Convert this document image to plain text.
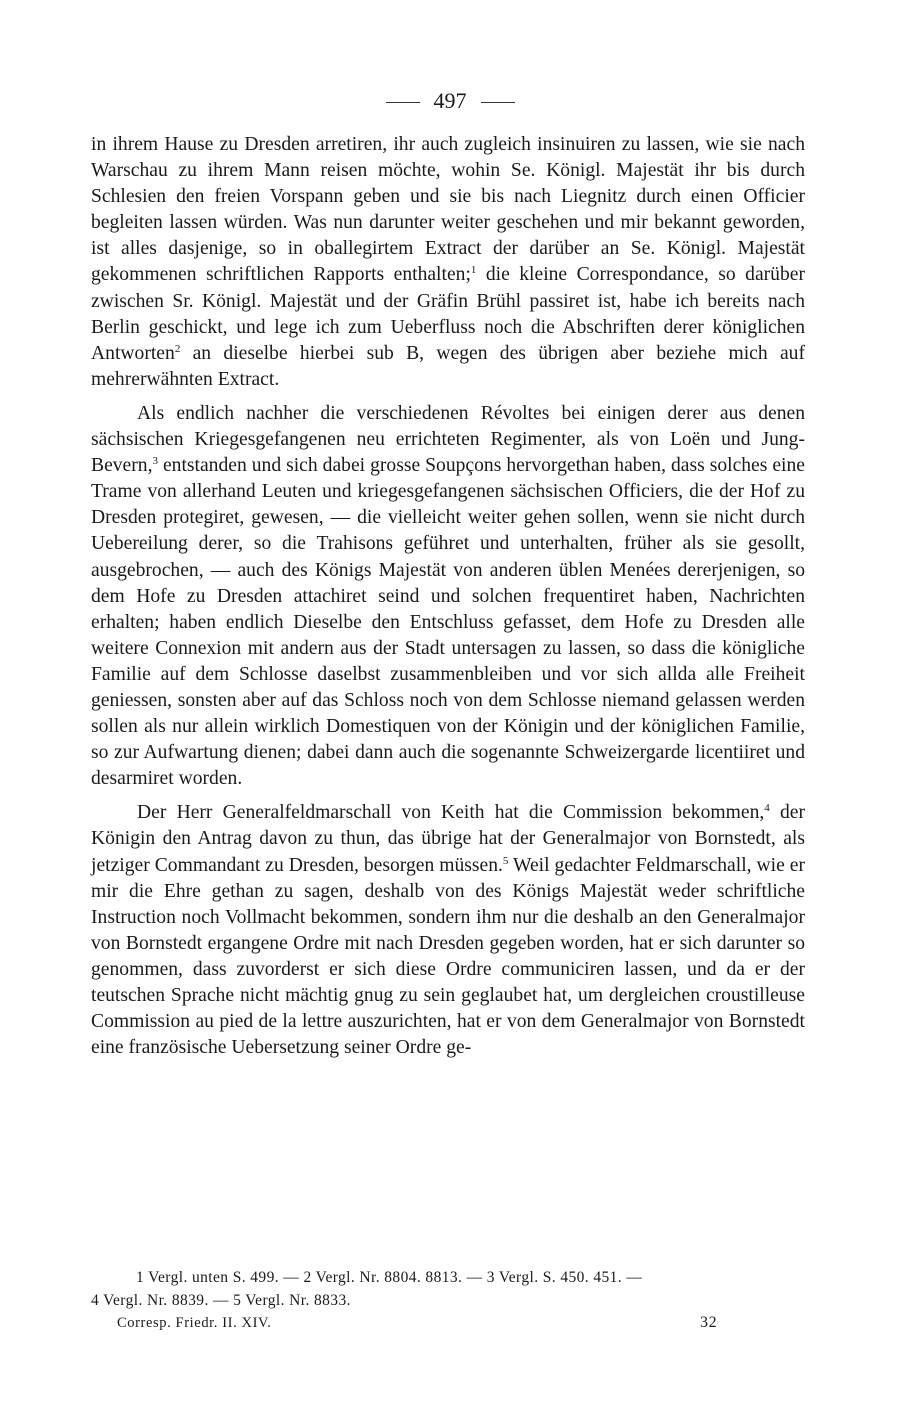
497

in ihrem Hause zu Dresden arretiren, ihr auch zugleich insinuiren zu lassen, wie sie nach Warschau zu ihrem Mann reisen möchte, wohin Se. Königl. Majestät ihr bis durch Schlesien den freien Vorspann geben und sie bis nach Liegnitz durch einen Officier begleiten lassen würden. Was nun darunter weiter geschehen und mir bekannt geworden, ist alles dasjenige, so in oballegirtem Extract der darüber an Se. Königl. Majestät gekommenen schriftlichen Rapports enthalten;$^1$ die kleine Correspondance, so darüber zwischen Sr. Königl. Majestät und der Gräfin Brühl passiret ist, habe ich bereits nach Berlin geschickt, und lege ich zum Ueberfluss noch die Abschriften derer königlichen Antworten$^2$ an dieselbe hierbei sub B, wegen des übrigen aber beziehe mich auf mehrerwähnten Extract.

Als endlich nachher die verschiedenen Révoltes bei einigen derer aus denen sächsischen Kriegesgefangenen neu errichteten Regimenter, als von Loën und Jung-Bevern,$^3$ entstanden und sich dabei grosse Soupçons hervorgethan haben, dass solches eine Trame von allerhand Leuten und kriegesgefangenen sächsischen Officiers, die der Hof zu Dresden protegiret, gewesen, — die vielleicht weiter gehen sollen, wenn sie nicht durch Uebereilung derer, so die Trahisons geführet und unterhalten, früher als sie gesollt, ausgebrochen, — auch des Königs Majestät von anderen üblen Menées dererjenigen, so dem Hofe zu Dresden attachiret seind und solchen frequentiret haben, Nachrichten erhalten; haben endlich Dieselbe den Entschluss gefasset, dem Hofe zu Dresden alle weitere Connexion mit andern aus der Stadt untersagen zu lassen, so dass die königliche Familie auf dem Schlosse daselbst zusammenbleiben und vor sich allda alle Freiheit geniessen, sonsten aber auf das Schloss noch von dem Schlosse niemand gelassen werden sollen als nur allein wirklich Domestiquen von der Königin und der königlichen Familie, so zur Aufwartung dienen; dabei dann auch die sogenannte Schweizergarde licentiiret und desarmiret worden.

Der Herr Generalfeldmarschall von Keith hat die Commission bekommen,$^4$ der Königin den Antrag davon zu thun, das übrige hat der Generalmajor von Bornstedt, als jetziger Commandant zu Dresden, besorgen müssen.$^5$ Weil gedachter Feldmarschall, wie er mir die Ehre gethan zu sagen, deshalb von des Königs Majestät weder schriftliche Instruction noch Vollmacht bekommen, sondern ihm nur die deshalb an den Generalmajor von Bornstedt ergangene Ordre mit nach Dresden gegeben worden, hat er sich darunter so genommen, dass zuvorderst er sich diese Ordre communiciren lassen, und da er der teutschen Sprache nicht mächtig gnug zu sein geglaubet hat, um dergleichen croustilleuse Commission au pied de la lettre auszurichten, hat er von dem Generalmajor von Bornstedt eine französische Uebersetzung seiner Ordre ge-

1 Vergl. unten S. 499. — 2 Vergl. Nr. 8804. 8813. — 3 Vergl. S. 450. 451. —
4 Vergl. Nr. 8839. — 5 Vergl. Nr. 8833.
Corresp. Friedr. II. XIV.	32
